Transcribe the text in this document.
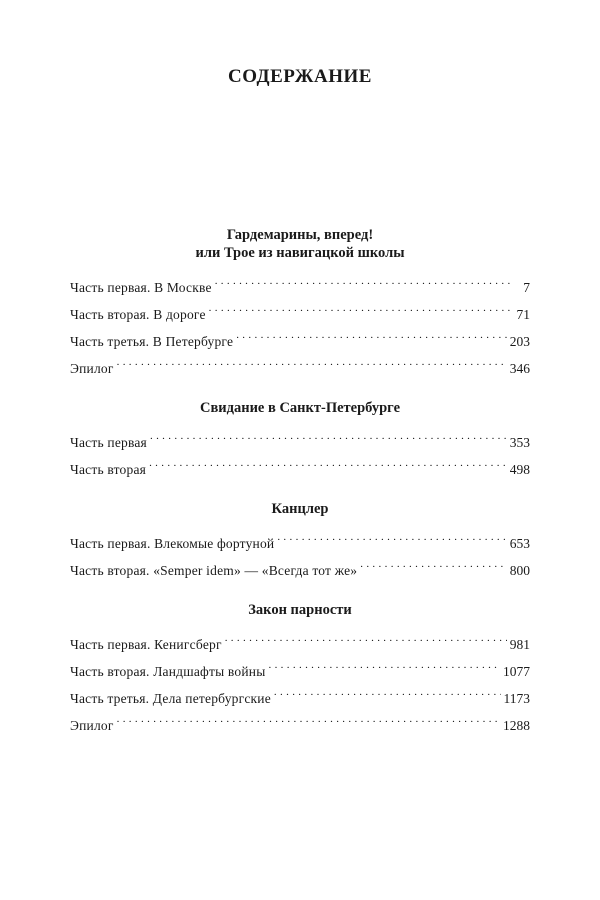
СОДЕРЖАНИЕ
Гардемарины, вперед!
или Трое из навигацкой школы
Часть первая. В Москве . . .	7
Часть вторая. В дороге . . .	71
Часть третья. В Петербурге . . .	203
Эпилог . . .	346
Свидание в Санкт-Петербурге
Часть первая . . .	353
Часть вторая . . .	498
Канцлер
Часть первая. Влекомые фортуной . . .	653
Часть вторая. «Semper idem» — «Всегда тот же» . . .	800
Закон парности
Часть первая. Кенигсберг . . .	981
Часть вторая. Ландшафты войны . . .	1077
Часть третья. Дела петербургские . . .	1173
Эпилог . . .	1288
